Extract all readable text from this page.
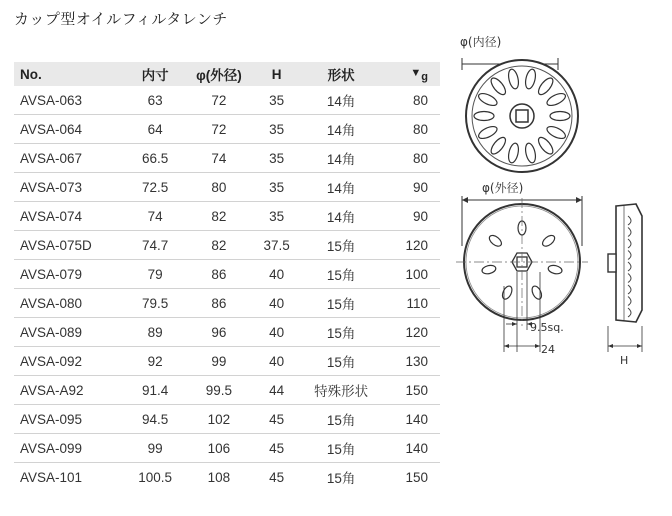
カップ型オイルフィルタレンチ
No.	内寸	φ(外径)	H	形状	$▼_g$
AVSA-063	63	72	35	14角	80
AVSA-064	64	72	35	14角	80
AVSA-067	66.5	74	35	14角	80
AVSA-073	72.5	80	35	14角	90
AVSA-074	74	82	35	14角	90
AVSA-075D	74.7	82	37.5	15角	120
AVSA-079	79	86	40	15角	100
AVSA-080	79.5	86	40	15角	110
AVSA-089	89	96	40	15角	120
AVSA-092	92	99	40	15角	130
AVSA-A92	91.4	99.5	44	特殊形状	150
AVSA-095	94.5	102	45	15角	140
AVSA-099	99	106	45	15角	140
AVSA-101	100.5	108	45	15角	150
φ(内径)
φ(外径)
9.5sq.
24
H
